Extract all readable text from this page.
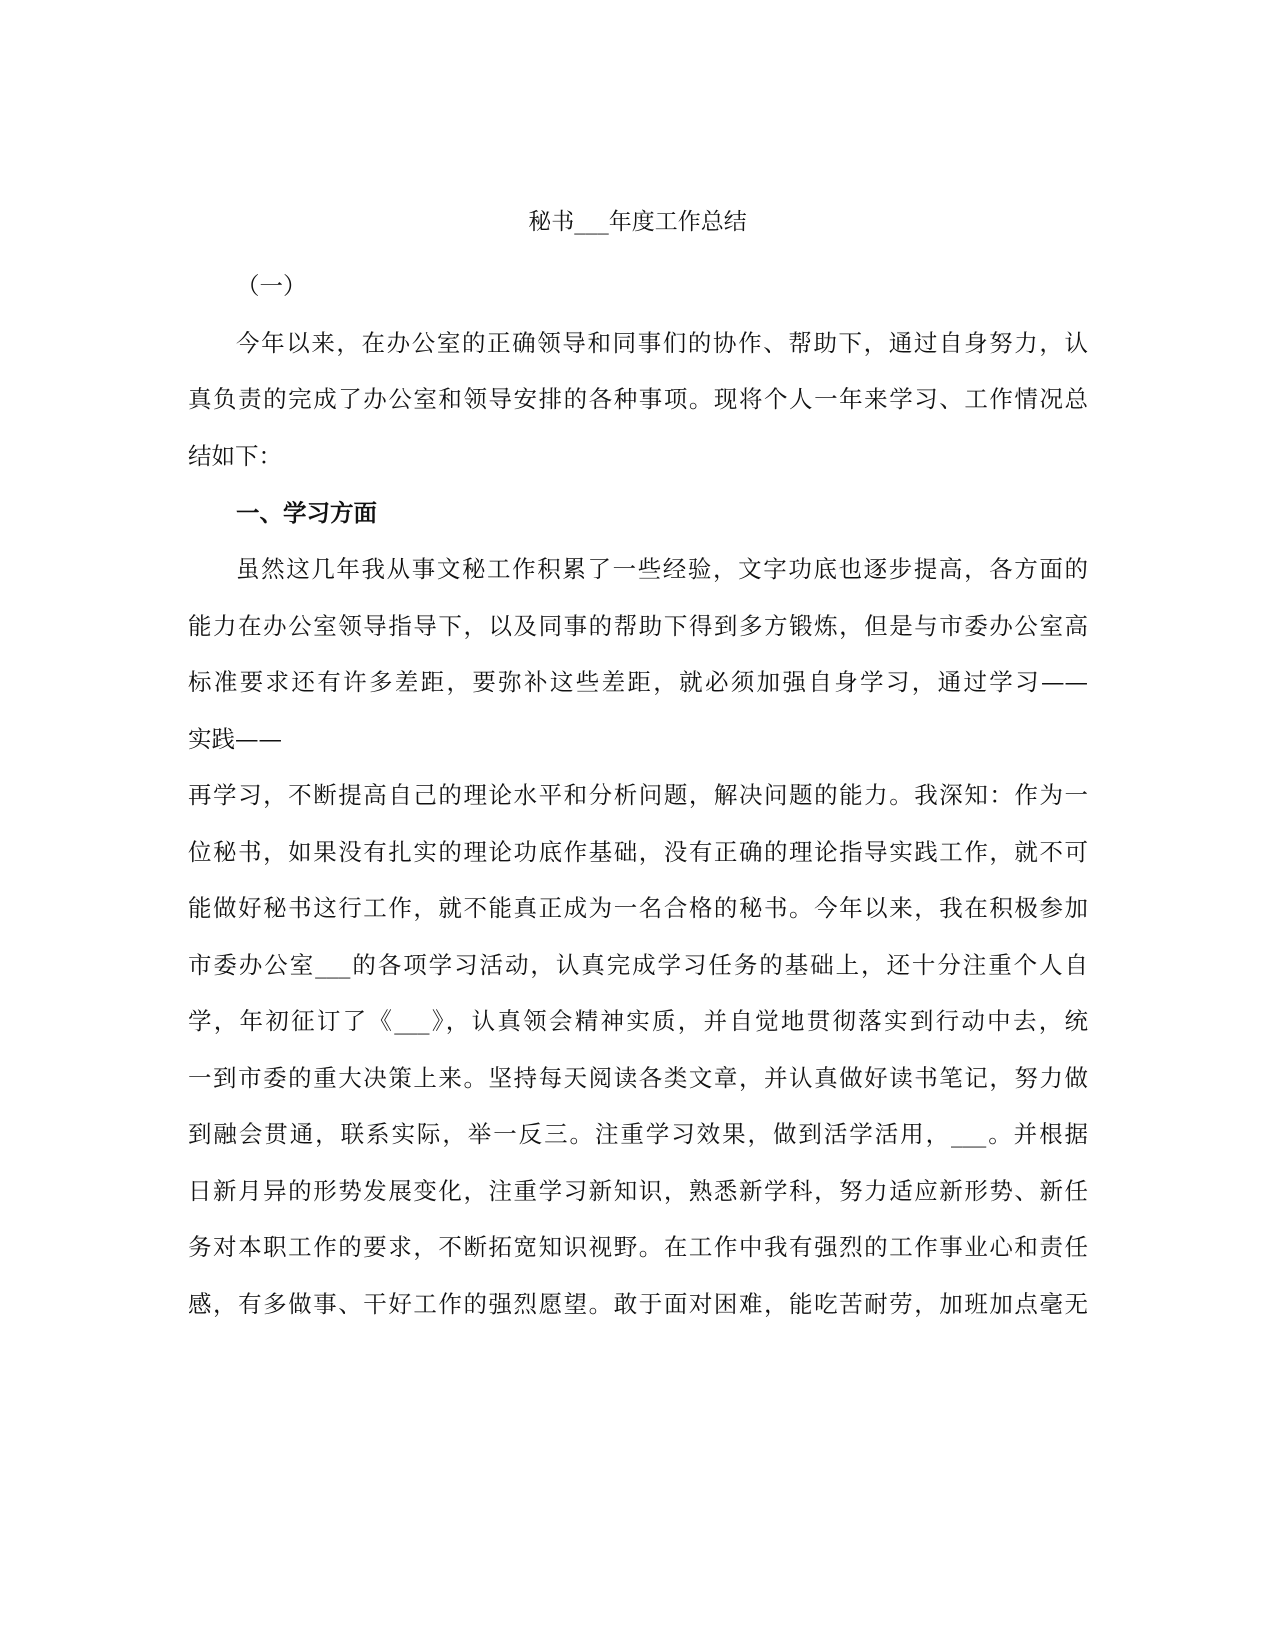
秘书___年度工作总结
（一）
今年以来，在办公室的正确领导和同事们的协作、帮助下，通过自身努力，认
真负责的完成了办公室和领导安排的各种事项。现将个人一年来学习、工作情况总
结如下：
一、学习方面
虽然这几年我从事文秘工作积累了一些经验，文字功底也逐步提高，各方面的
能力在办公室领导指导下，以及同事的帮助下得到多方锻炼，但是与市委办公室高
标准要求还有许多差距，要弥补这些差距，就必须加强自身学习，通过学习——
实践——
再学习，不断提高自己的理论水平和分析问题，解决问题的能力。我深知：作为一
位秘书，如果没有扎实的理论功底作基础，没有正确的理论指导实践工作，就不可
能做好秘书这行工作，就不能真正成为一名合格的秘书。今年以来，我在积极参加
市委办公室___的各项学习活动，认真完成学习任务的基础上，还十分注重个人自
学，年初征订了《___》，认真领会精神实质，并自觉地贯彻落实到行动中去，统
一到市委的重大决策上来。坚持每天阅读各类文章，并认真做好读书笔记，努力做
到融会贯通，联系实际，举一反三。注重学习效果，做到活学活用，___。并根据
日新月异的形势发展变化，注重学习新知识，熟悉新学科，努力适应新形势、新任
务对本职工作的要求，不断拓宽知识视野。在工作中我有强烈的工作事业心和责任
感，有多做事、干好工作的强烈愿望。敢于面对困难，能吃苦耐劳，加班加点毫无
